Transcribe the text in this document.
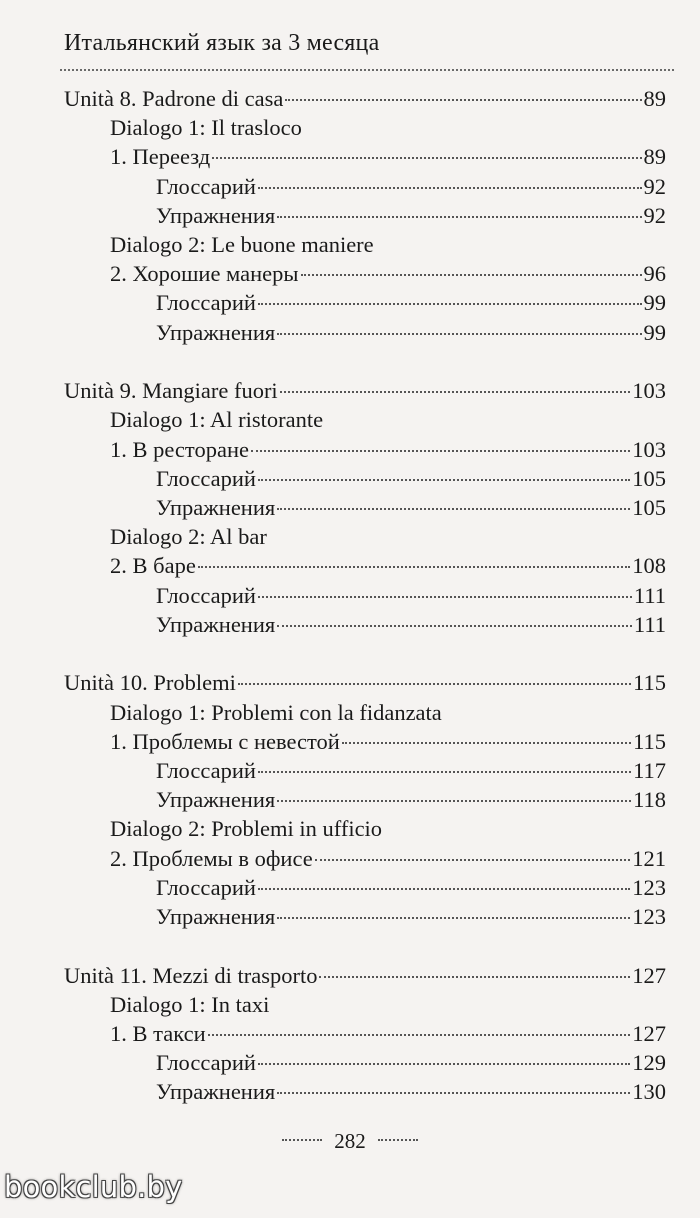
Итальянский язык за 3 месяца
Unità 8. Padrone di casa	89
Dialogo 1: Il trasloco
1. Переезд	89
Глоссарий	92
Упражнения	92
Dialogo 2: Le buone maniere
2. Хорошие манеры	96
Глоссарий	99
Упражнения	99
Unità 9. Mangiare fuori	103
Dialogo 1: Al ristorante
1. В ресторане	103
Глоссарий	105
Упражнения	105
Dialogo 2: Al bar
2. В баре	108
Глоссарий	111
Упражнения	111
Unità 10. Problemi	115
Dialogo 1: Problemi con la fidanzata
1. Проблемы с невестой	115
Глоссарий	117
Упражнения	118
Dialogo 2: Problemi in ufficio
2. Проблемы в офисе	121
Глоссарий	123
Упражнения	123
Unità 11. Mezzi di trasporto	127
Dialogo 1: In taxi
1. В такси	127
Глоссарий	129
Упражнения	130
282
bookclub.by
